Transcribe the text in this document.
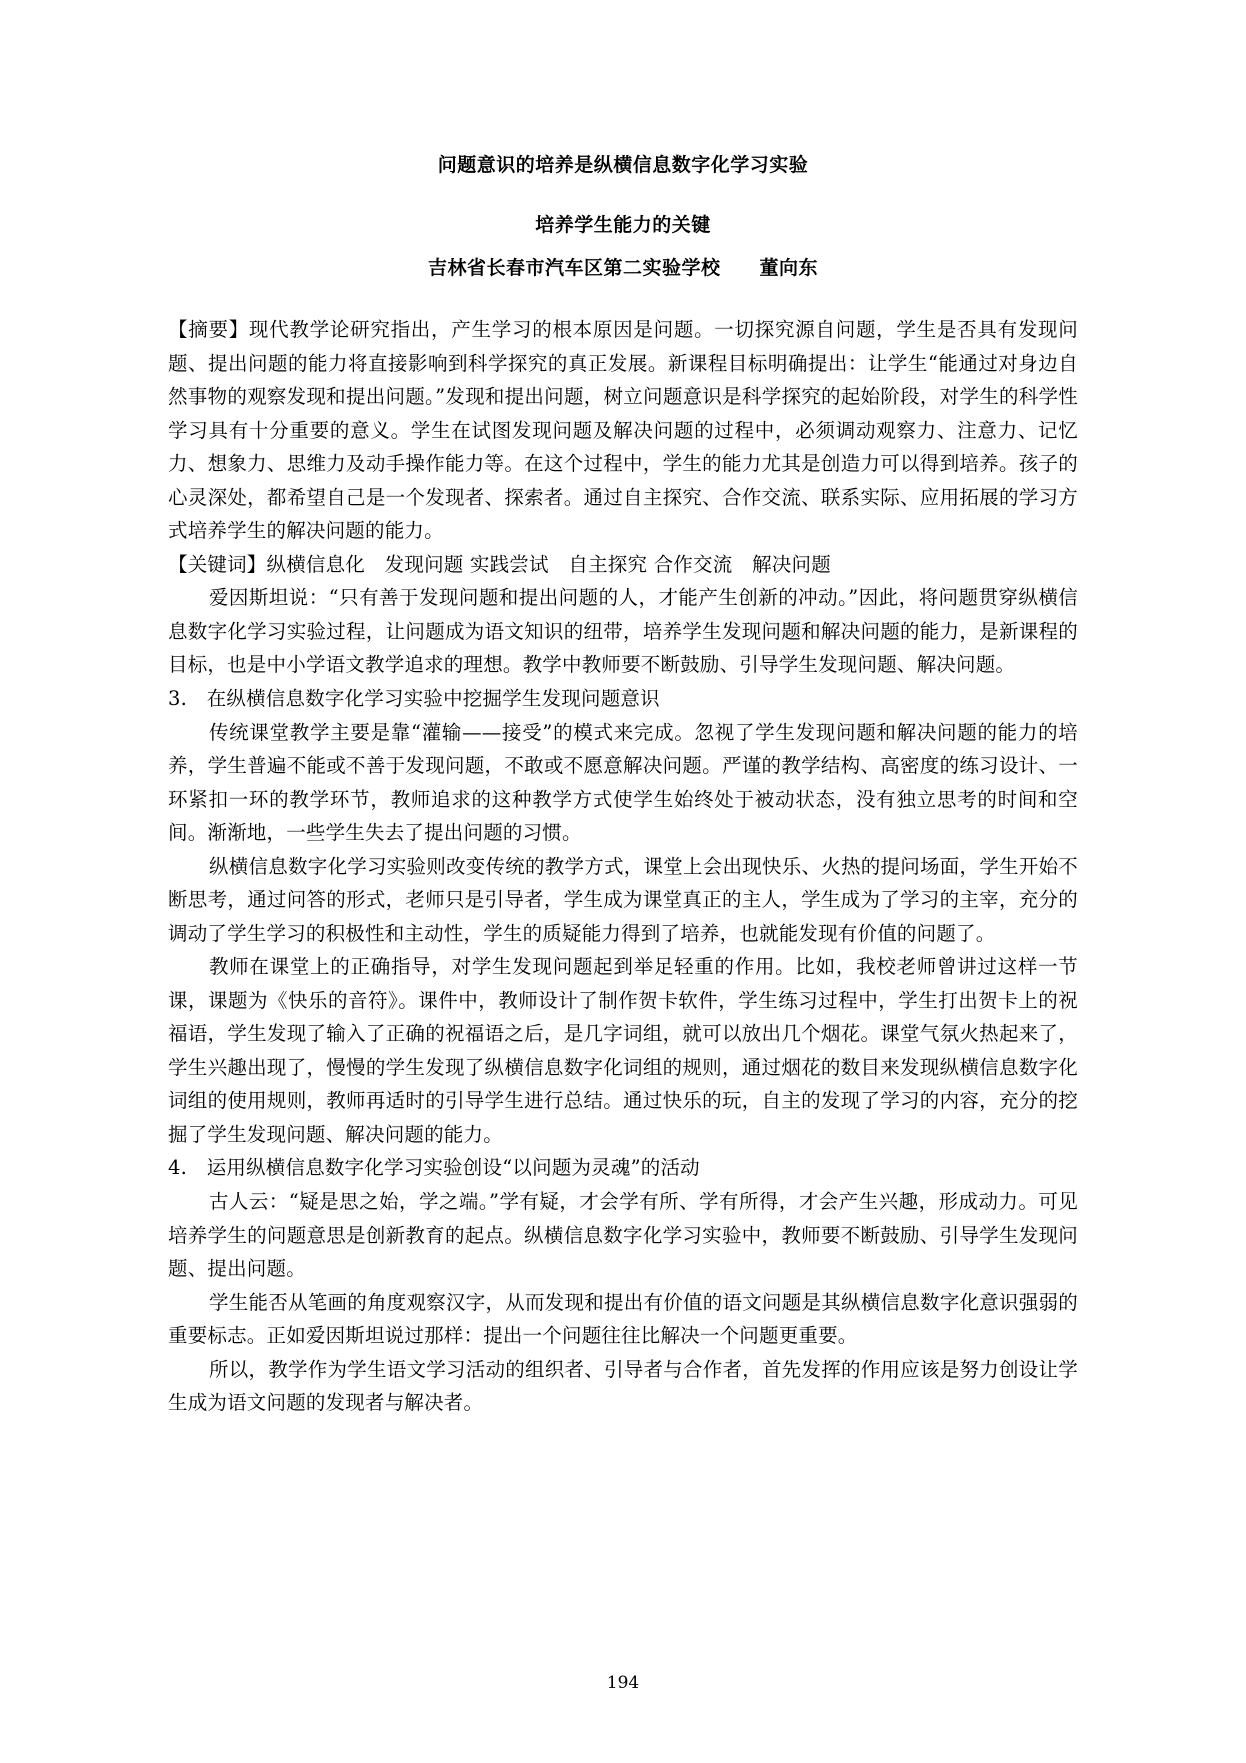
问题意识的培养是纵横信息数字化学习实验
培养学生能力的关键
吉林省长春市汽车区第二实验学校　　董向东

【摘要】现代教学论研究指出，产生学习的根本原因是问题。一切探究源自问题，学生是否具有发现问题、提出问题的能力将直接影响到科学探究的真正发展。新课程目标明确提出：让学生“能通过对身边自然事物的观察发现和提出问题。”发现和提出问题，树立问题意识是科学探究的起始阶段，对学生的科学性学习具有十分重要的意义。学生在试图发现问题及解决问题的过程中，必须调动观察力、注意力、记忆力、想象力、思维力及动手操作能力等。在这个过程中，学生的能力尤其是创造力可以得到培养。孩子的心灵深处，都希望自己是一个发现者、探索者。通过自主探究、合作交流、联系实际、应用拓展的学习方式培养学生的解决问题的能力。

【关键词】纵横信息化　发现问题 实践尝试　自主探究 合作交流　解决问题

爱因斯坦说：“只有善于发现问题和提出问题的人，才能产生创新的冲动。”因此，将问题贯穿纵横信息数字化学习实验过程，让问题成为语文知识的纽带，培养学生发现问题和解决问题的能力，是新课程的目标，也是中小学语文教学追求的理想。教学中教师要不断鼓励、引导学生发现问题、解决问题。

3.　在纵横信息数字化学习实验中挖掘学生发现问题意识

传统课堂教学主要是靠“灌输——接受”的模式来完成。忽视了学生发现问题和解决问题的能力的培养，学生普遍不能或不善于发现问题，不敢或不愿意解决问题。严谨的教学结构、高密度的练习设计、一环紧扣一环的教学环节，教师追求的这种教学方式使学生始终处于被动状态，没有独立思考的时间和空间。渐渐地，一些学生失去了提出问题的习惯。

纵横信息数字化学习实验则改变传统的教学方式，课堂上会出现快乐、火热的提问场面，学生开始不断思考，通过问答的形式，老师只是引导者，学生成为课堂真正的主人，学生成为了学习的主宰，充分的调动了学生学习的积极性和主动性，学生的质疑能力得到了培养，也就能发现有价值的问题了。

教师在课堂上的正确指导，对学生发现问题起到举足轻重的作用。比如，我校老师曾讲过这样一节课，课题为《快乐的音符》。课件中，教师设计了制作贺卡软件，学生练习过程中，学生打出贺卡上的祝福语，学生发现了输入了正确的祝福语之后，是几字词组，就可以放出几个烟花。课堂气氛火热起来了，学生兴趣出现了，慢慢的学生发现了纵横信息数字化词组的规则，通过烟花的数目来发现纵横信息数字化词组的使用规则，教师再适时的引导学生进行总结。通过快乐的玩，自主的发现了学习的内容，充分的挖掘了学生发现问题、解决问题的能力。

4.　运用纵横信息数字化学习实验创设“以问题为灵魂”的活动

古人云：“疑是思之始，学之端。”学有疑，才会学有所、学有所得，才会产生兴趣，形成动力。可见培养学生的问题意思是创新教育的起点。纵横信息数字化学习实验中，教师要不断鼓励、引导学生发现问题、提出问题。

学生能否从笔画的角度观察汉字，从而发现和提出有价值的语文问题是其纵横信息数字化意识强弱的重要标志。正如爱因斯坦说过那样：提出一个问题往往比解决一个问题更重要。

所以，教学作为学生语文学习活动的组织者、引导者与合作者，首先发挥的作用应该是努力创设让学生成为语文问题的发现者与解决者。

194
